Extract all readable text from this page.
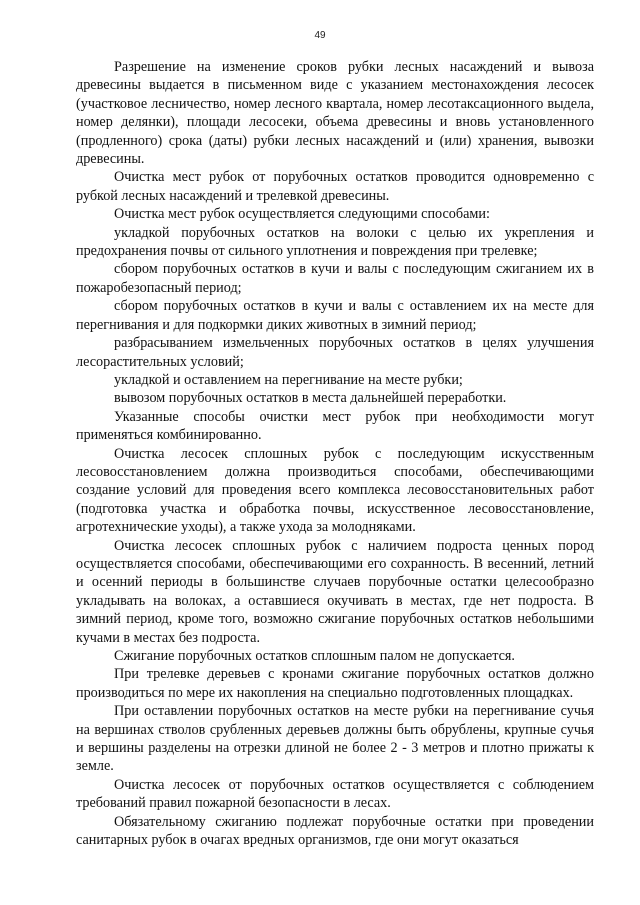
49

Разрешение на изменение сроков рубки лесных насаждений и вывоза древесины выдается в письменном виде с указанием местонахождения лесосек (участковое лесничество, номер лесного квартала, номер лесотаксационного выдела, номер делянки), площади лесосеки, объема древесины и вновь установленного (продленного) срока (даты) рубки лесных насаждений и (или) хранения, вывозки древесины.

Очистка мест рубок от порубочных остатков проводится одновременно с рубкой лесных насаждений и трелевкой древесины.

Очистка мест рубок осуществляется следующими способами:

укладкой порубочных остатков на волоки с целью их укрепления и предохранения почвы от сильного уплотнения и повреждения при трелевке;

сбором порубочных остатков в кучи и валы с последующим сжиганием их в пожаробезопасный период;

сбором порубочных остатков в кучи и валы с оставлением их на месте для перегнивания и для подкормки диких животных в зимний период;

разбрасыванием измельченных порубочных остатков в целях улучшения лесорастительных условий;

укладкой и оставлением на перегнивание на месте рубки;

вывозом порубочных остатков в места дальнейшей переработки.

Указанные способы очистки мест рубок при необходимости могут применяться комбинированно.

Очистка лесосек сплошных рубок с последующим искусственным лесовосстановлением должна производиться способами, обеспечивающими создание условий для проведения всего комплекса лесовосстановительных работ (подготовка участка и обработка почвы, искусственное лесовосстановление, агротехнические уходы), а также ухода за молодняками.

Очистка лесосек сплошных рубок с наличием подроста ценных пород осуществляется способами, обеспечивающими его сохранность. В весенний, летний и осенний периоды в большинстве случаев порубочные остатки целесообразно укладывать на волоках, а оставшиеся окучивать в местах, где нет подроста. В зимний период, кроме того, возможно сжигание порубочных остатков небольшими кучами в местах без подроста.

Сжигание порубочных остатков сплошным палом не допускается.

При трелевке деревьев с кронами сжигание порубочных остатков должно производиться по мере их накопления на специально подготовленных площадках.

При оставлении порубочных остатков на месте рубки на перегнивание сучья на вершинах стволов срубленных деревьев должны быть обрублены, крупные сучья и вершины разделены на отрезки длиной не более 2 - 3 метров и плотно прижаты к земле.

Очистка лесосек от порубочных остатков осуществляется с соблюдением требований правил пожарной безопасности в лесах.

Обязательному сжиганию подлежат порубочные остатки при проведении санитарных рубок в очагах вредных организмов, где они могут оказаться
